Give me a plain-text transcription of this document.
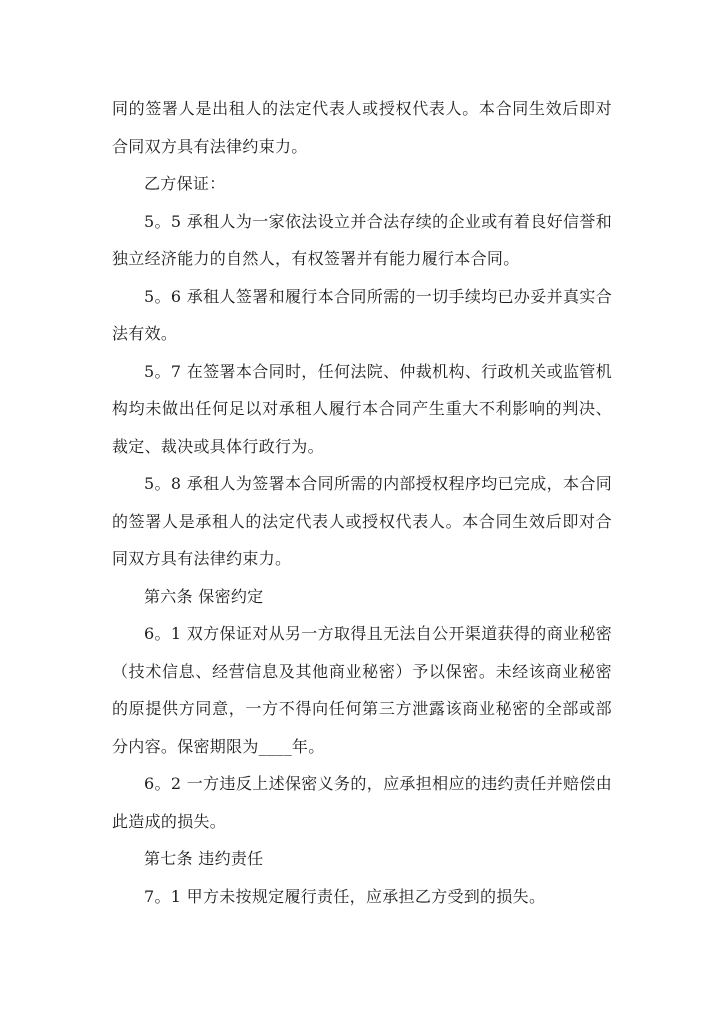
同的签署人是出租人的法定代表人或授权代表人。本合同生效后即对合同双方具有法律约束力。

乙方保证：

5。5 承租人为一家依法设立并合法存续的企业或有着良好信誉和独立经济能力的自然人，有权签署并有能力履行本合同。

5。6 承租人签署和履行本合同所需的一切手续均已办妥并真实合法有效。

5。7 在签署本合同时，任何法院、仲裁机构、行政机关或监管机构均未做出任何足以对承租人履行本合同产生重大不利影响的判决、裁定、裁决或具体行政行为。

5。8 承租人为签署本合同所需的内部授权程序均已完成，本合同的签署人是承租人的法定代表人或授权代表人。本合同生效后即对合同双方具有法律约束力。

第六条 保密约定

6。1 双方保证对从另一方取得且无法自公开渠道获得的商业秘密（技术信息、经营信息及其他商业秘密）予以保密。未经该商业秘密的原提供方同意，一方不得向任何第三方泄露该商业秘密的全部或部分内容。保密期限为____年。

6。2 一方违反上述保密义务的，应承担相应的违约责任并赔偿由此造成的损失。

第七条 违约责任

7。1 甲方未按规定履行责任，应承担乙方受到的损失。
